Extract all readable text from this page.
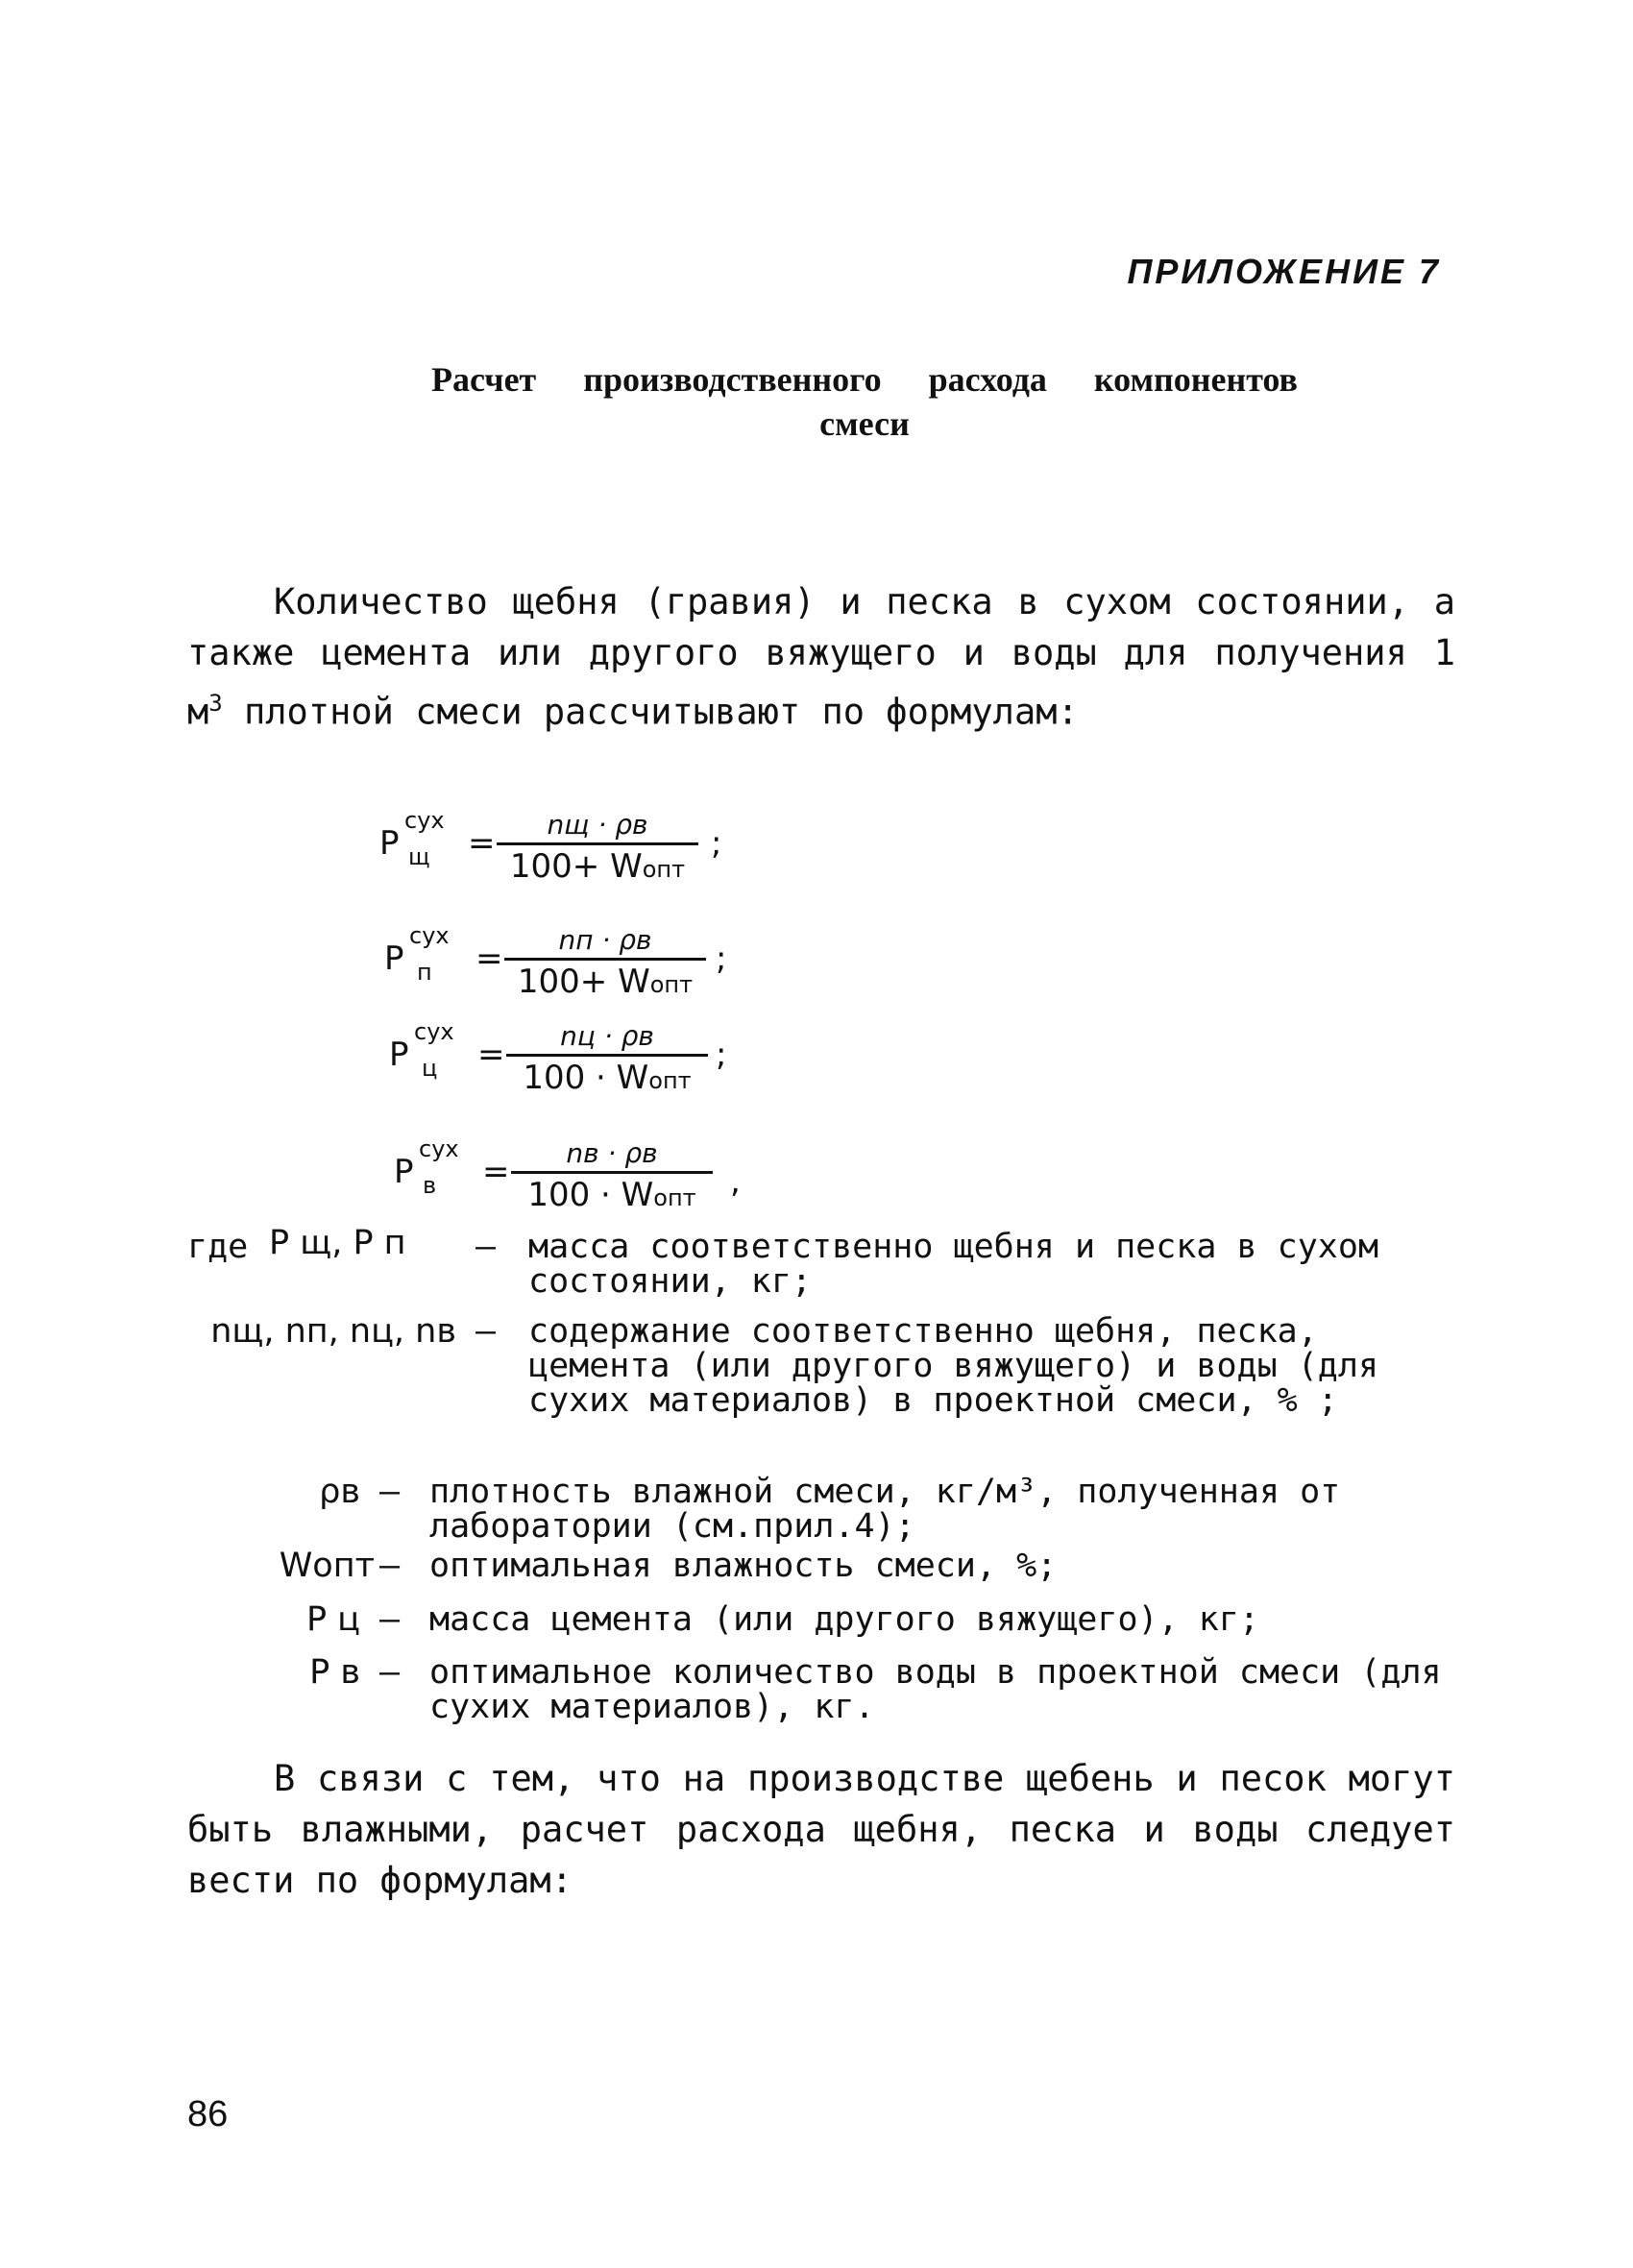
ПРИЛОЖЕНИЕ 7
Расчет производственного расхода компонентов
смеси
Количество щебня (гравия) и песка в сухом состоянии, а также цемента или другого вяжущего и воды для получения 1 $м^3$ плотной смеси рассчитывают по формулам:
Р
сух
щ =	nщ · ρв
100+ Wопт
;
Р
сух
п =	nп · ρв
100+ Wопт
;
Р
сух
ц =	nц · ρв
100 · Wопт
;
Р
сух
в =	nв · ρв
100 · Wопт	,
где Р щ, Р п	– масса соответственно щебня и песка в сухом состоянии, кг;
nщ, nп, nц, nв – содержание соответственно щебня, песка, цемента (или другого вяжущего) и воды (для сухих материалов) в проектной смеси, % ;
ρв – плотность влажной смеси, кг/м³, полученная от лаборатории (см.прил.4);
Wопт – оптимальная влажность смеси, %;
Р ц – масса цемента (или другого вяжущего), кг;
Р в – оптимальное количество воды в проектной смеси (для сухих материалов), кг.
В связи с тем, что на производстве щебень и песок могут быть влажными, расчет расхода щебня, песка и воды следует вести по формулам:
86
